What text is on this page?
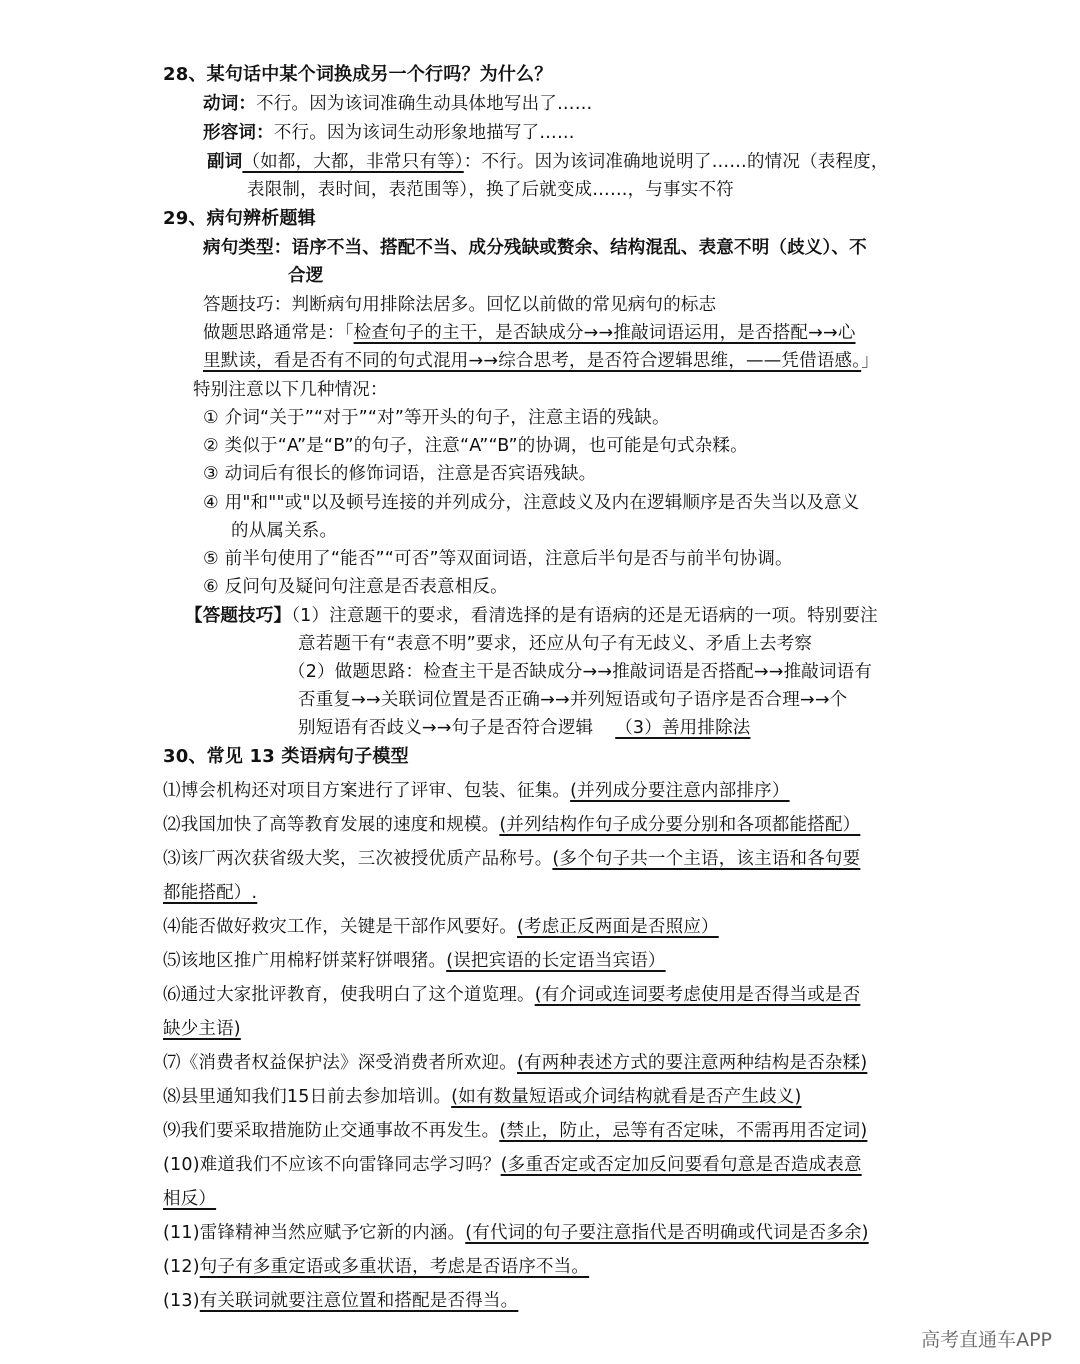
28、某句话中某个词换成另一个行吗？为什么？
动词：不行。因为该词准确生动具体地写出了……
形容词：不行。因为该词生动形象地描写了……
副词（如都，大都，非常只有等）：不行。因为该词准确地说明了……的情况（表程度，
表限制，表时间，表范围等），换了后就变成……，与事实不符
29、病句辨析题辑
病句类型：语序不当、搭配不当、成分残缺或赘余、结构混乱、表意不明（歧义）、不
合逻
答题技巧：判断病句用排除法居多。回忆以前做的常见病句的标志
做题思路通常是：「检查句子的主干，是否缺成分→→推敲词语运用，是否搭配→→心
里默读，看是否有不同的句式混用→→综合思考，是否符合逻辑思维，——凭借语感。」
特别注意以下几种情况：
① 介词“关于”“对于”“对”等开头的句子，注意主语的残缺。
② 类似于“A”是“B”的句子，注意“A”“B”的协调，也可能是句式杂糅。
③ 动词后有很长的修饰词语，注意是否宾语残缺。
④ 用"和""或"以及顿号连接的并列成分，注意歧义及内在逻辑顺序是否失当以及意义
的从属关系。
⑤ 前半句使用了“能否”“可否”等双面词语，注意后半句是否与前半句协调。
⑥ 反问句及疑问句注意是否表意相反。
【答题技巧】（1）注意题干的要求，看清选择的是有语病的还是无语病的一项。特别要注
意若题干有“表意不明”要求，还应从句子有无歧义、矛盾上去考察
（2）做题思路：检查主干是否缺成分→→推敲词语是否搭配→→推敲词语有
否重复→→关联词位置是否正确→→并列短语或句子语序是否合理→→个
别短语有否歧义→→句子是否符合逻辑 （3）善用排除法
30、常见 13 类语病句子模型
⑴博会机构还对项目方案进行了评审、包装、征集。(并列成分要注意内部排序）
⑵我国加快了高等教育发展的速度和规模。(并列结构作句子成分要分别和各项都能搭配）
⑶该厂两次获省级大奖，三次被授优质产品称号。(多个句子共一个主语，该主语和各句要
都能搭配）.
⑷能否做好救灾工作，关键是干部作风要好。(考虑正反两面是否照应）
⑸该地区推广用棉籽饼菜籽饼喂猪。(误把宾语的长定语当宾语）
⑹通过大家批评教育，使我明白了这个道览理。(有介词或连词要考虑使用是否得当或是否
缺少主语)
⑺《消费者权益保护法》深受消费者所欢迎。(有两种表述方式的要注意两种结构是否杂糅)
⑻县里通知我们15日前去参加培训。(如有数量短语或介词结构就看是否产生歧义)
⑼我们要采取措施防止交通事故不再发生。(禁止，防止，忌等有否定味，不需再用否定词)
(10)难道我们不应该不向雷锋同志学习吗？(多重否定或否定加反问要看句意是否造成表意
相反）
(11)雷锋精神当然应赋予它新的内涵。(有代词的句子要注意指代是否明确或代词是否多余)
(12)句子有多重定语或多重状语，考虑是否语序不当。
(13)有关联词就要注意位置和搭配是否得当。
高考直通车APP
